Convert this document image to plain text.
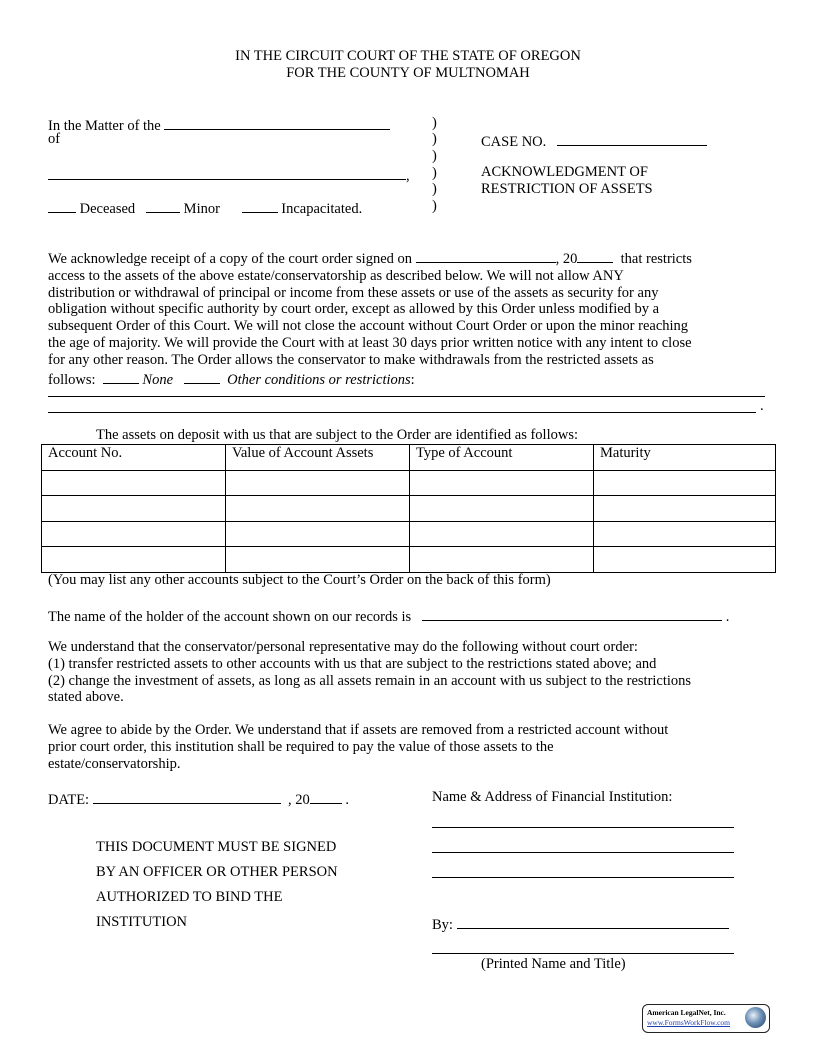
IN THE CIRCUIT COURT OF THE STATE OF OREGON
FOR THE COUNTY OF MULTNOMAH
In the Matter of the
of
,
Deceased	Minor	Incapacitated.
)
)
)
)
)
)
CASE NO.
ACKNOWLEDGMENT OF
RESTRICTION OF ASSETS
We acknowledge receipt of a copy of the court order signed on	, 20	that restricts
access to the assets of the above estate/conservatorship as described below. We will not allow ANY
distribution or withdrawal of principal or income from these assets or use of the assets as security for any
obligation without specific authority by court order, except as allowed by this Order unless modified by a
subsequent Order of this Court. We will not close the account without Court Order or upon the minor reaching
the age of majority. We will provide the Court with at least 30 days prior written notice with any intent to close
for any other reason. The Order allows the conservator to make withdrawals from the restricted assets as
follows:	None	Other conditions or restrictions:
.
The assets on deposit with us that are subject to the Order are identified as follows:
Account No.	Value of Account Assets	Type of Account	Maturity

(You may list any other accounts subject to the Court’s Order on the back of this form)
The name of the holder of the account shown on our records is	.
We understand that the conservator/personal representative may do the following without court order:
(1) transfer restricted assets to other accounts with us that are subject to the restrictions stated above; and
(2) change the investment of assets, as long as all assets remain in an account with us subject to the restrictions
stated above.
We agree to abide by the Order. We understand that if assets are removed from a restricted account without
prior court order, this institution shall be required to pay the value of those assets to the
estate/conservatorship.
DATE:	, 20 .	Name & Address of Financial Institution:
THIS DOCUMENT MUST BE SIGNED
BY AN OFFICER OR OTHER PERSON
AUTHORIZED TO BIND THE
INSTITUTION	By:
(Printed Name and Title)
American LegalNet, Inc.
www.FormsWorkFlow.com
